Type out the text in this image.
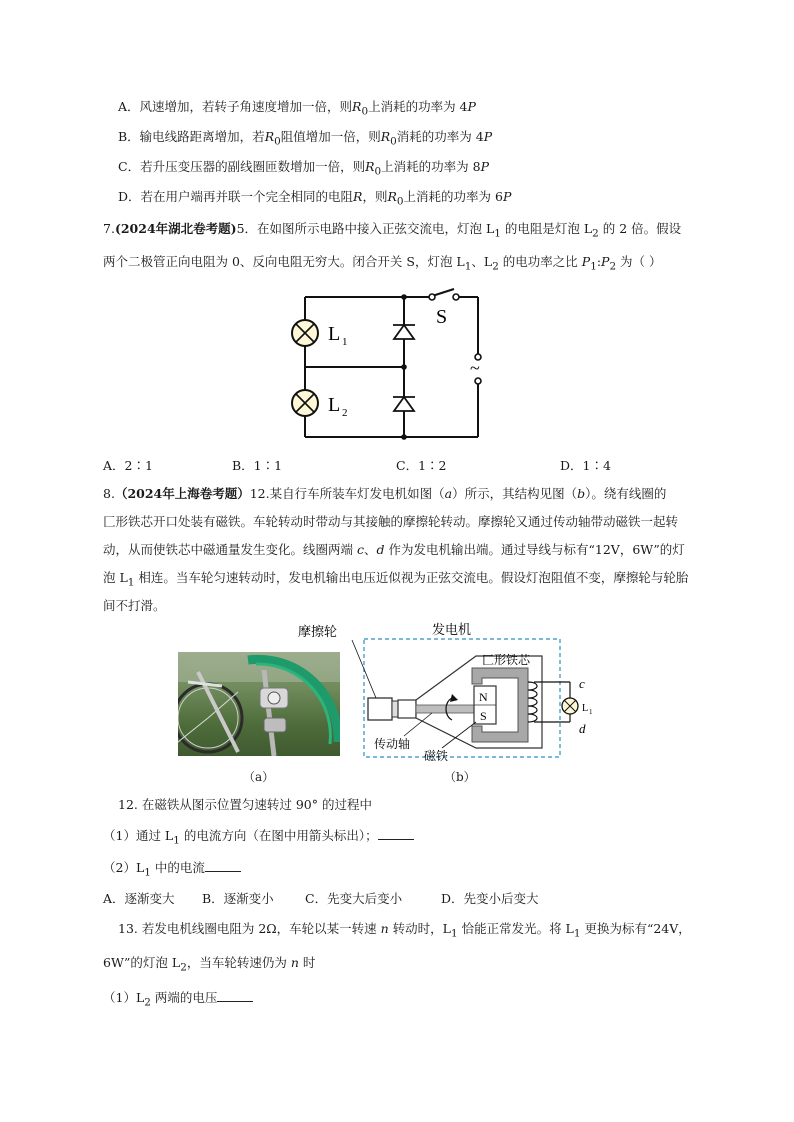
A．风速增加，若转子角速度增加一倍，则$R_0$上消耗的功率为 4P
B．输电线路距离增加，若$R_0$阻值增加一倍，则$R_0$消耗的功率为 4P
C．若升压变压器的副线圈匝数增加一倍，则$R_0$上消耗的功率为 8P
D．若在用户端再并联一个完全相同的电阻R，则$R_0$上消耗的功率为 6P
7.(2024年湖北卷考题)5．在如图所示电路中接入正弦交流电，灯泡 $L_1$ 的电阻是灯泡 $L_2$ 的 2 倍。假设
两个二极管正向电阻为 0、反向电阻无穷大。闭合开关 S，灯泡 $L_1$、$L_2$ 的电功率之比 $P_1:P_2$ 为（ ）
L 1
L 2
S
~
A．2∶1	B．1∶1	C．1∶2	D．1∶4
8.（2024年上海卷考题）12.某自行车所装车灯发电机如图（a）所示，其结构见图（b）。绕有线圈的
匚形铁芯开口处装有磁铁。车轮转动时带动与其接触的摩擦轮转动。摩擦轮又通过传动轴带动磁铁一起转
动，从而使铁芯中磁通量发生变化。线圈两端 c、d 作为发电机输出端。通过导线与标有“12V，6W”的灯
泡 $L_1$ 相连。当车轮匀速转动时，发电机输出电压近似视为正弦交流电。假设灯泡阻值不变，摩擦轮与轮胎
间不打滑。
（a）
N
S
c
d
L 1
摩擦轮	发电机
匚形铁芯
传动轴
磁铁
（b）
12. 在磁铁从图示位置匀速转过 90° 的过程中
（1）通过 $L_1$ 的电流方向（在图中用箭头标出）；
$(2)L_1$ 中的电流
A．逐渐变大 B．逐渐变小	C．先变大后变小	D．先变小后变大
13. 若发电机线圈电阻为 2Ω，车轮以某一转速 n 转动时，$L_1$ 恰能正常发光。将 $L_1$ 更换为标有“24V，
6W”的灯泡 $L_2$，当车轮转速仍为 n 时
$(1)L_2$ 两端的电压
